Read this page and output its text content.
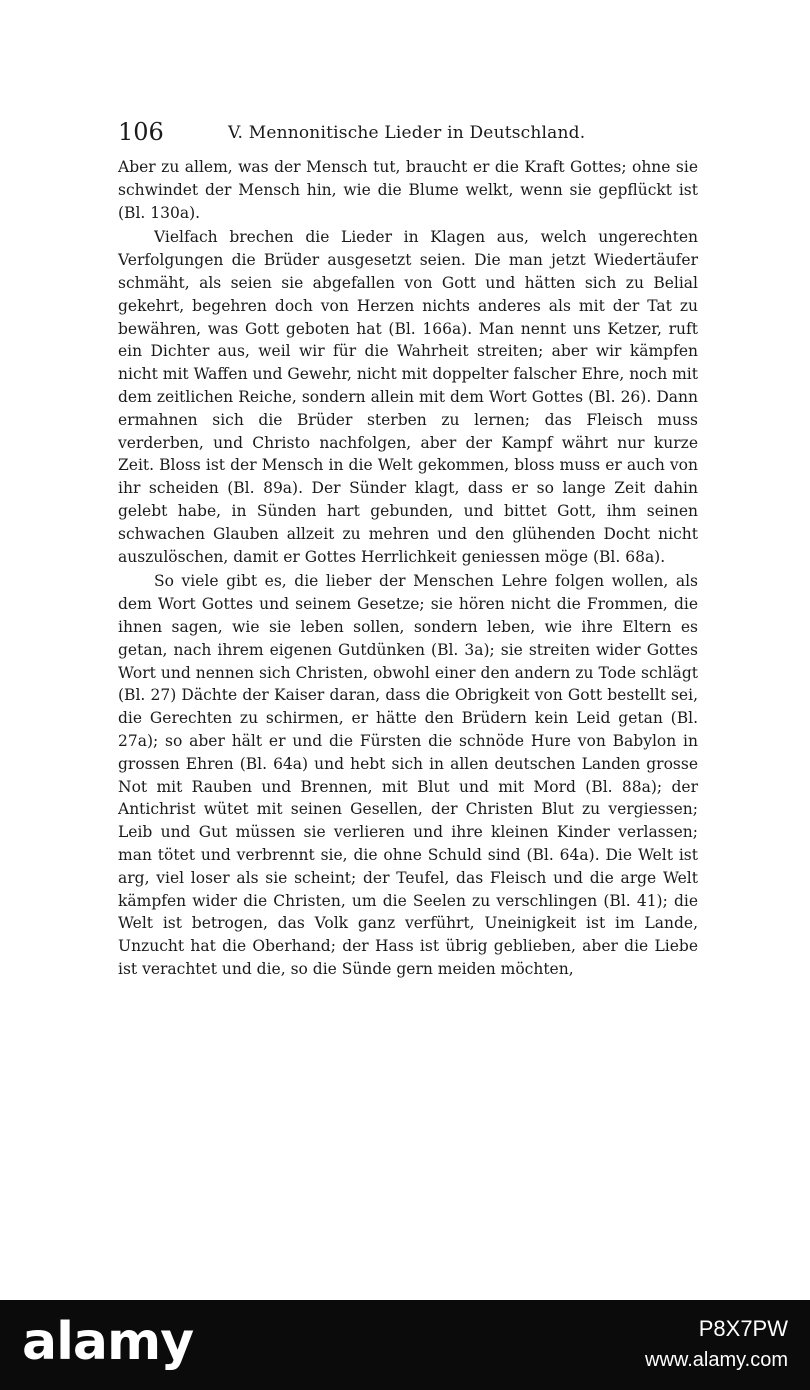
106	V. Mennonitische Lieder in Deutschland.

Aber zu allem, was der Mensch tut, braucht er die Kraft Gottes; ohne sie schwindet der Mensch hin, wie die Blume welkt, wenn sie gepflückt ist (Bl. 130a).

Vielfach brechen die Lieder in Klagen aus, welch ungerechten Verfolgungen die Brüder ausgesetzt seien. Die man jetzt Wiedertäufer schmäht, als seien sie abgefallen von Gott und hätten sich zu Belial gekehrt, begehren doch von Herzen nichts anderes als mit der Tat zu bewähren, was Gott geboten hat (Bl. 166a). Man nennt uns Ketzer, ruft ein Dichter aus, weil wir für die Wahrheit streiten; aber wir kämpfen nicht mit Waffen und Gewehr, nicht mit doppelter falscher Ehre, noch mit dem zeitlichen Reiche, sondern allein mit dem Wort Gottes (Bl. 26). Dann ermahnen sich die Brüder sterben zu lernen; das Fleisch muss verderben, und Christo nachfolgen, aber der Kampf währt nur kurze Zeit. Bloss ist der Mensch in die Welt gekommen, bloss muss er auch von ihr scheiden (Bl. 89a). Der Sünder klagt, dass er so lange Zeit dahin gelebt habe, in Sünden hart gebunden, und bittet Gott, ihm seinen schwachen Glauben allzeit zu mehren und den glühenden Docht nicht auszulöschen, damit er Gottes Herrlichkeit geniessen möge (Bl. 68a).

So viele gibt es, die lieber der Menschen Lehre folgen wollen, als dem Wort Gottes und seinem Gesetze; sie hören nicht die Frommen, die ihnen sagen, wie sie leben sollen, sondern leben, wie ihre Eltern es getan, nach ihrem eigenen Gutdünken (Bl. 3a); sie streiten wider Gottes Wort und nennen sich Christen, obwohl einer den andern zu Tode schlägt (Bl. 27) Dächte der Kaiser daran, dass die Obrigkeit von Gott bestellt sei, die Gerechten zu schirmen, er hätte den Brüdern kein Leid getan (Bl. 27a); so aber hält er und die Fürsten die schnöde Hure von Babylon in grossen Ehren (Bl. 64a) und hebt sich in allen deutschen Landen grosse Not mit Rauben und Brennen, mit Blut und mit Mord (Bl. 88a); der Antichrist wütet mit seinen Gesellen, der Christen Blut zu vergiessen; Leib und Gut müssen sie verlieren und ihre kleinen Kinder verlassen; man tötet und verbrennt sie, die ohne Schuld sind (Bl. 64a). Die Welt ist arg, viel loser als sie scheint; der Teufel, das Fleisch und die arge Welt kämpfen wider die Christen, um die Seelen zu verschlingen (Bl. 41); die Welt ist betrogen, das Volk ganz verführt, Uneinigkeit ist im Lande, Unzucht hat die Oberhand; der Hass ist übrig geblieben, aber die Liebe ist verachtet und die, so die Sünde gern meiden möchten,

alamy	P8X7PW
www.alamy.com
